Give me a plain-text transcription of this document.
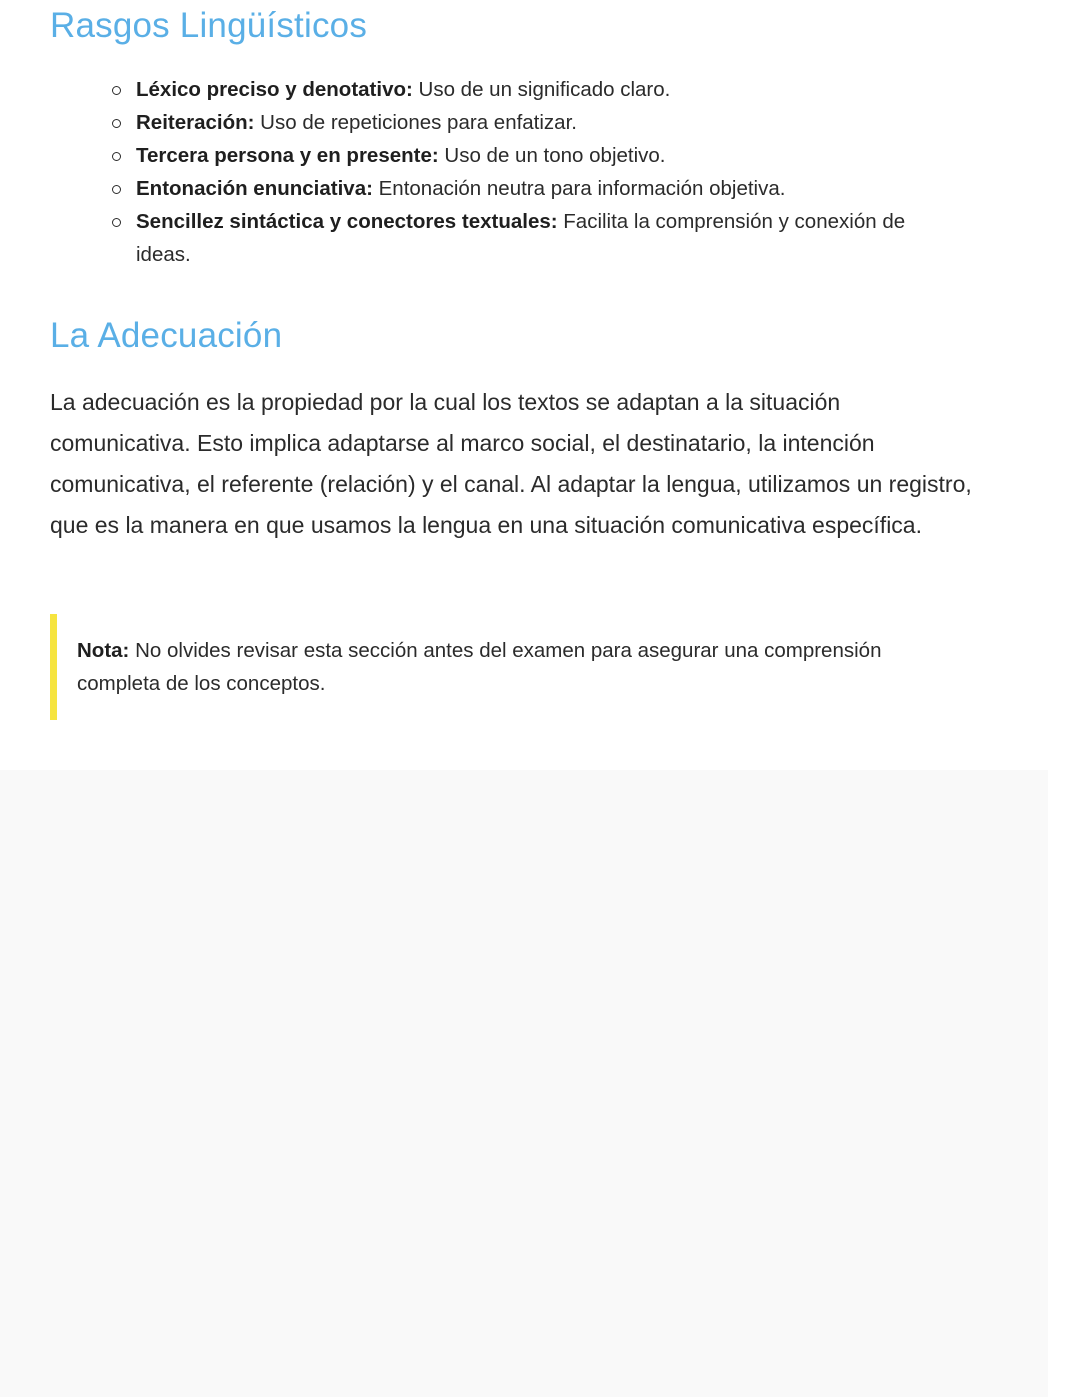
Rasgos Lingüísticos
Léxico preciso y denotativo: Uso de un significado claro.
Reiteración: Uso de repeticiones para enfatizar.
Tercera persona y en presente: Uso de un tono objetivo.
Entonación enunciativa: Entonación neutra para información objetiva.
Sencillez sintáctica y conectores textuales: Facilita la comprensión y conexión de ideas.
La Adecuación

La adecuación es la propiedad por la cual los textos se adaptan a la situación comunicativa. Esto implica adaptarse al marco social, el destinatario, la intención comunicativa, el referente (relación) y el canal. Al adaptar la lengua, utilizamos un registro, que es la manera en que usamos la lengua en una situación comunicativa específica.

Nota: No olvides revisar esta sección antes del examen para asegurar una comprensión completa de los conceptos.
